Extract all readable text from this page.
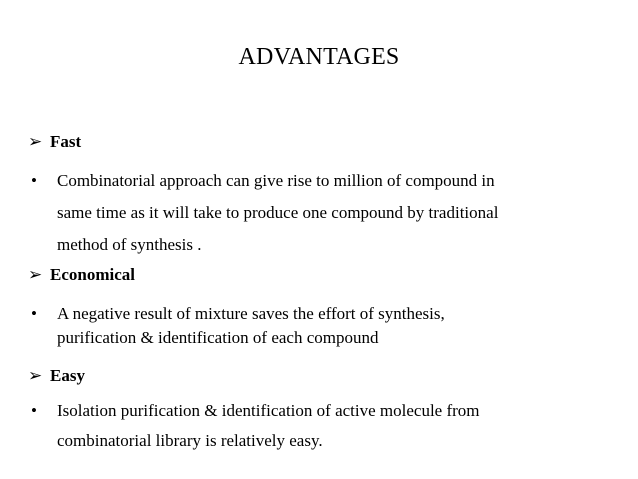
ADVANTAGES
➢ Fast
•	Combinatorial approach can give rise to million of compound in
same time as it will take to produce one compound by traditional
method of synthesis .
➢ Economical
•	A negative result of mixture saves the effort of synthesis,
purification & identification of each compound
➢ Easy
•	Isolation purification & identification of active molecule from
combinatorial library is relatively easy.
